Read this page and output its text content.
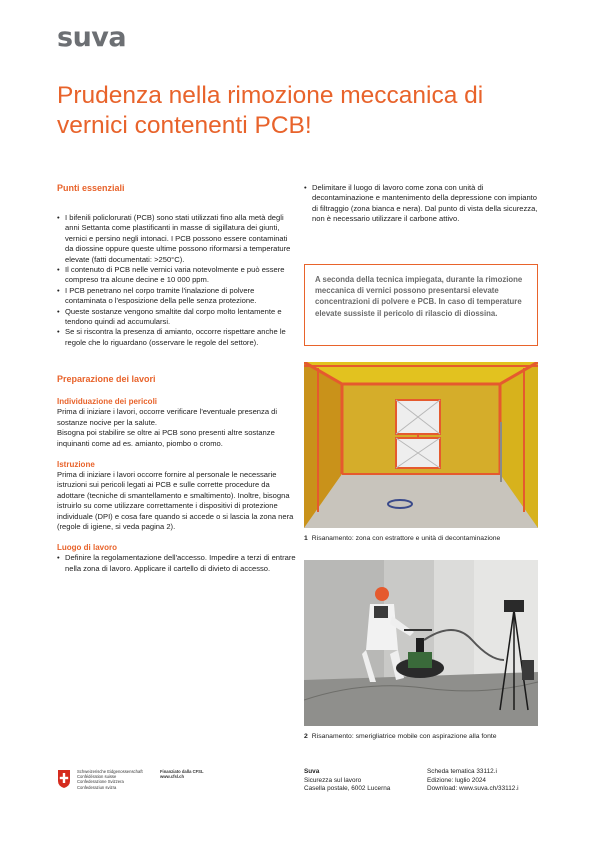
suva
Prudenza nella rimozione meccanica di vernici contenenti PCB!
Punti essenziali
• I bifenili policlorurati (PCB) sono stati utilizzati fino alla metà degli anni Settanta come plastificanti in masse di sigillatura dei giunti, vernici e persino negli intonaci. I PCB possono essere contaminati da diossine oppure queste ultime possono riformarsi a temperature elevate (fatti documentati: >250°C).
• Il contenuto di PCB nelle vernici varia notevolmente e può essere compreso tra alcune decine e 10 000 ppm.
• I PCB penetrano nel corpo tramite l'inalazione di polvere contaminata o l'esposizione della pelle senza protezione.
• Queste sostanze vengono smaltite dal corpo molto lentamente e tendono quindi ad accumularsi.
• Se si riscontra la presenza di amianto, occorre rispettare anche le regole che lo riguardano (osservare le regole del settore).
Preparazione dei lavori
Individuazione dei pericoli

Prima di iniziare i lavori, occorre verificare l'eventuale presenza di sostanze nocive per la salute.

Bisogna poi stabilire se oltre ai PCB sono presenti altre sostanze inquinanti come ad es. amianto, piombo o cromo.

Istruzione

Prima di iniziare i lavori occorre fornire al personale le necessarie istruzioni sui pericoli legati ai PCB e sulle corrette procedure da adottare (tecniche di smantellamento e smaltimento). Inoltre, bisogna istruirlo su come utilizzare correttamente i dispositivi di protezione individuale (DPI) e cosa fare quando si accede o si lascia la zona nera (regole di igiene, si veda pagina 2).

Luogo di lavoro
• Definire la regolamentazione dell'accesso. Impedire a terzi di entrare nella zona di lavoro. Applicare il cartello di divieto di accesso.
• Delimitare il luogo di lavoro come zona con unità di decontaminazione e mantenimento della depressione con impianto di filtraggio (zona bianca e nera). Dal punto di vista della sicurezza, non è necessario utilizzare il carbone attivo.

A seconda della tecnica impiegata, durante la rimozione meccanica di vernici possono presentarsi elevate concentrazioni di polvere e PCB. In caso di temperature elevate sussiste il pericolo di rilascio di diossina.

1 Risanamento: zona con estrattore e unità di decontaminazione
2 Risanamento: smerigliatrice mobile con aspirazione alla fonte
Schweizerische Eidgenossenschaft
Confédération suisse
Confederazione Svizzera
Confederaziun svizra
Finanziato dalla CFSL
www.cfsl.ch
Suva
Sicurezza sul lavoro
Casella postale, 6002 Lucerna
Scheda tematica 33112.i
Edizione: luglio 2024
Download: www.suva.ch/33112.i
